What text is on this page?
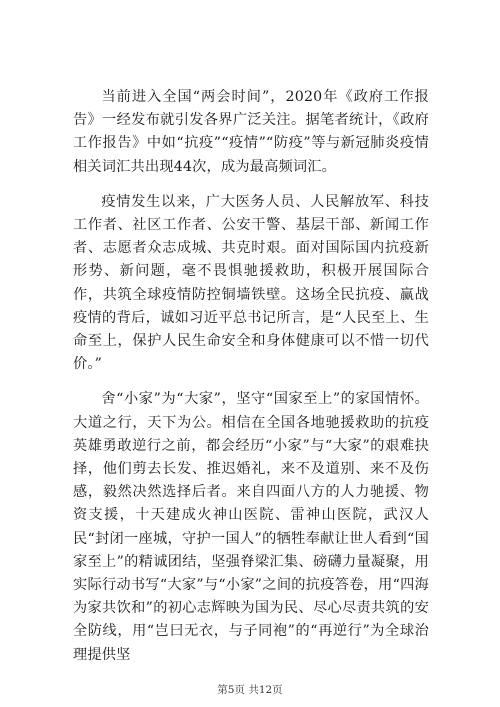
当前进入全国“两会时间”，2020年《政府工作报告》一经发布就引发各界广泛关注。据笔者统计，《政府工作报告》中如“抗疫”“疫情”“防疫”等与新冠肺炎疫情相关词汇共出现44次，成为最高频词汇。

疫情发生以来，广大医务人员、人民解放军、科技工作者、社区工作者、公安干警、基层干部、新闻工作者、志愿者众志成城、共克时艰。面对国际国内抗疫新形势、新问题，毫不畏惧驰援救助，积极开展国际合作，共筑全球疫情防控铜墙铁壁。这场全民抗疫、赢战疫情的背后，诚如习近平总书记所言，是“人民至上、生命至上，保护人民生命安全和身体健康可以不惜一切代价。”

舍“小家”为“大家”，坚守“国家至上”的家国情怀。大道之行，天下为公。相信在全国各地驰援救助的抗疫英雄勇敢逆行之前，都会经历“小家”与“大家”的艰难抉择，他们剪去长发、推迟婚礼，来不及道别、来不及伤感，毅然决然选择后者。来自四面八方的人力驰援、物资支援，十天建成火神山医院、雷神山医院，武汉人民“封闭一座城，守护一国人”的牺牲奉献让世人看到“国家至上”的精诚团结，坚强脊梁汇集、磅礴力量凝聚，用实际行动书写“大家”与“小家”之间的抗疫答卷，用“四海为家共饮和”的初心志辉映为国为民、尽心尽责共筑的安全防线，用“岂曰无衣，与子同袍”的“再逆行”为全球治理提供坚

第5页 共12页
